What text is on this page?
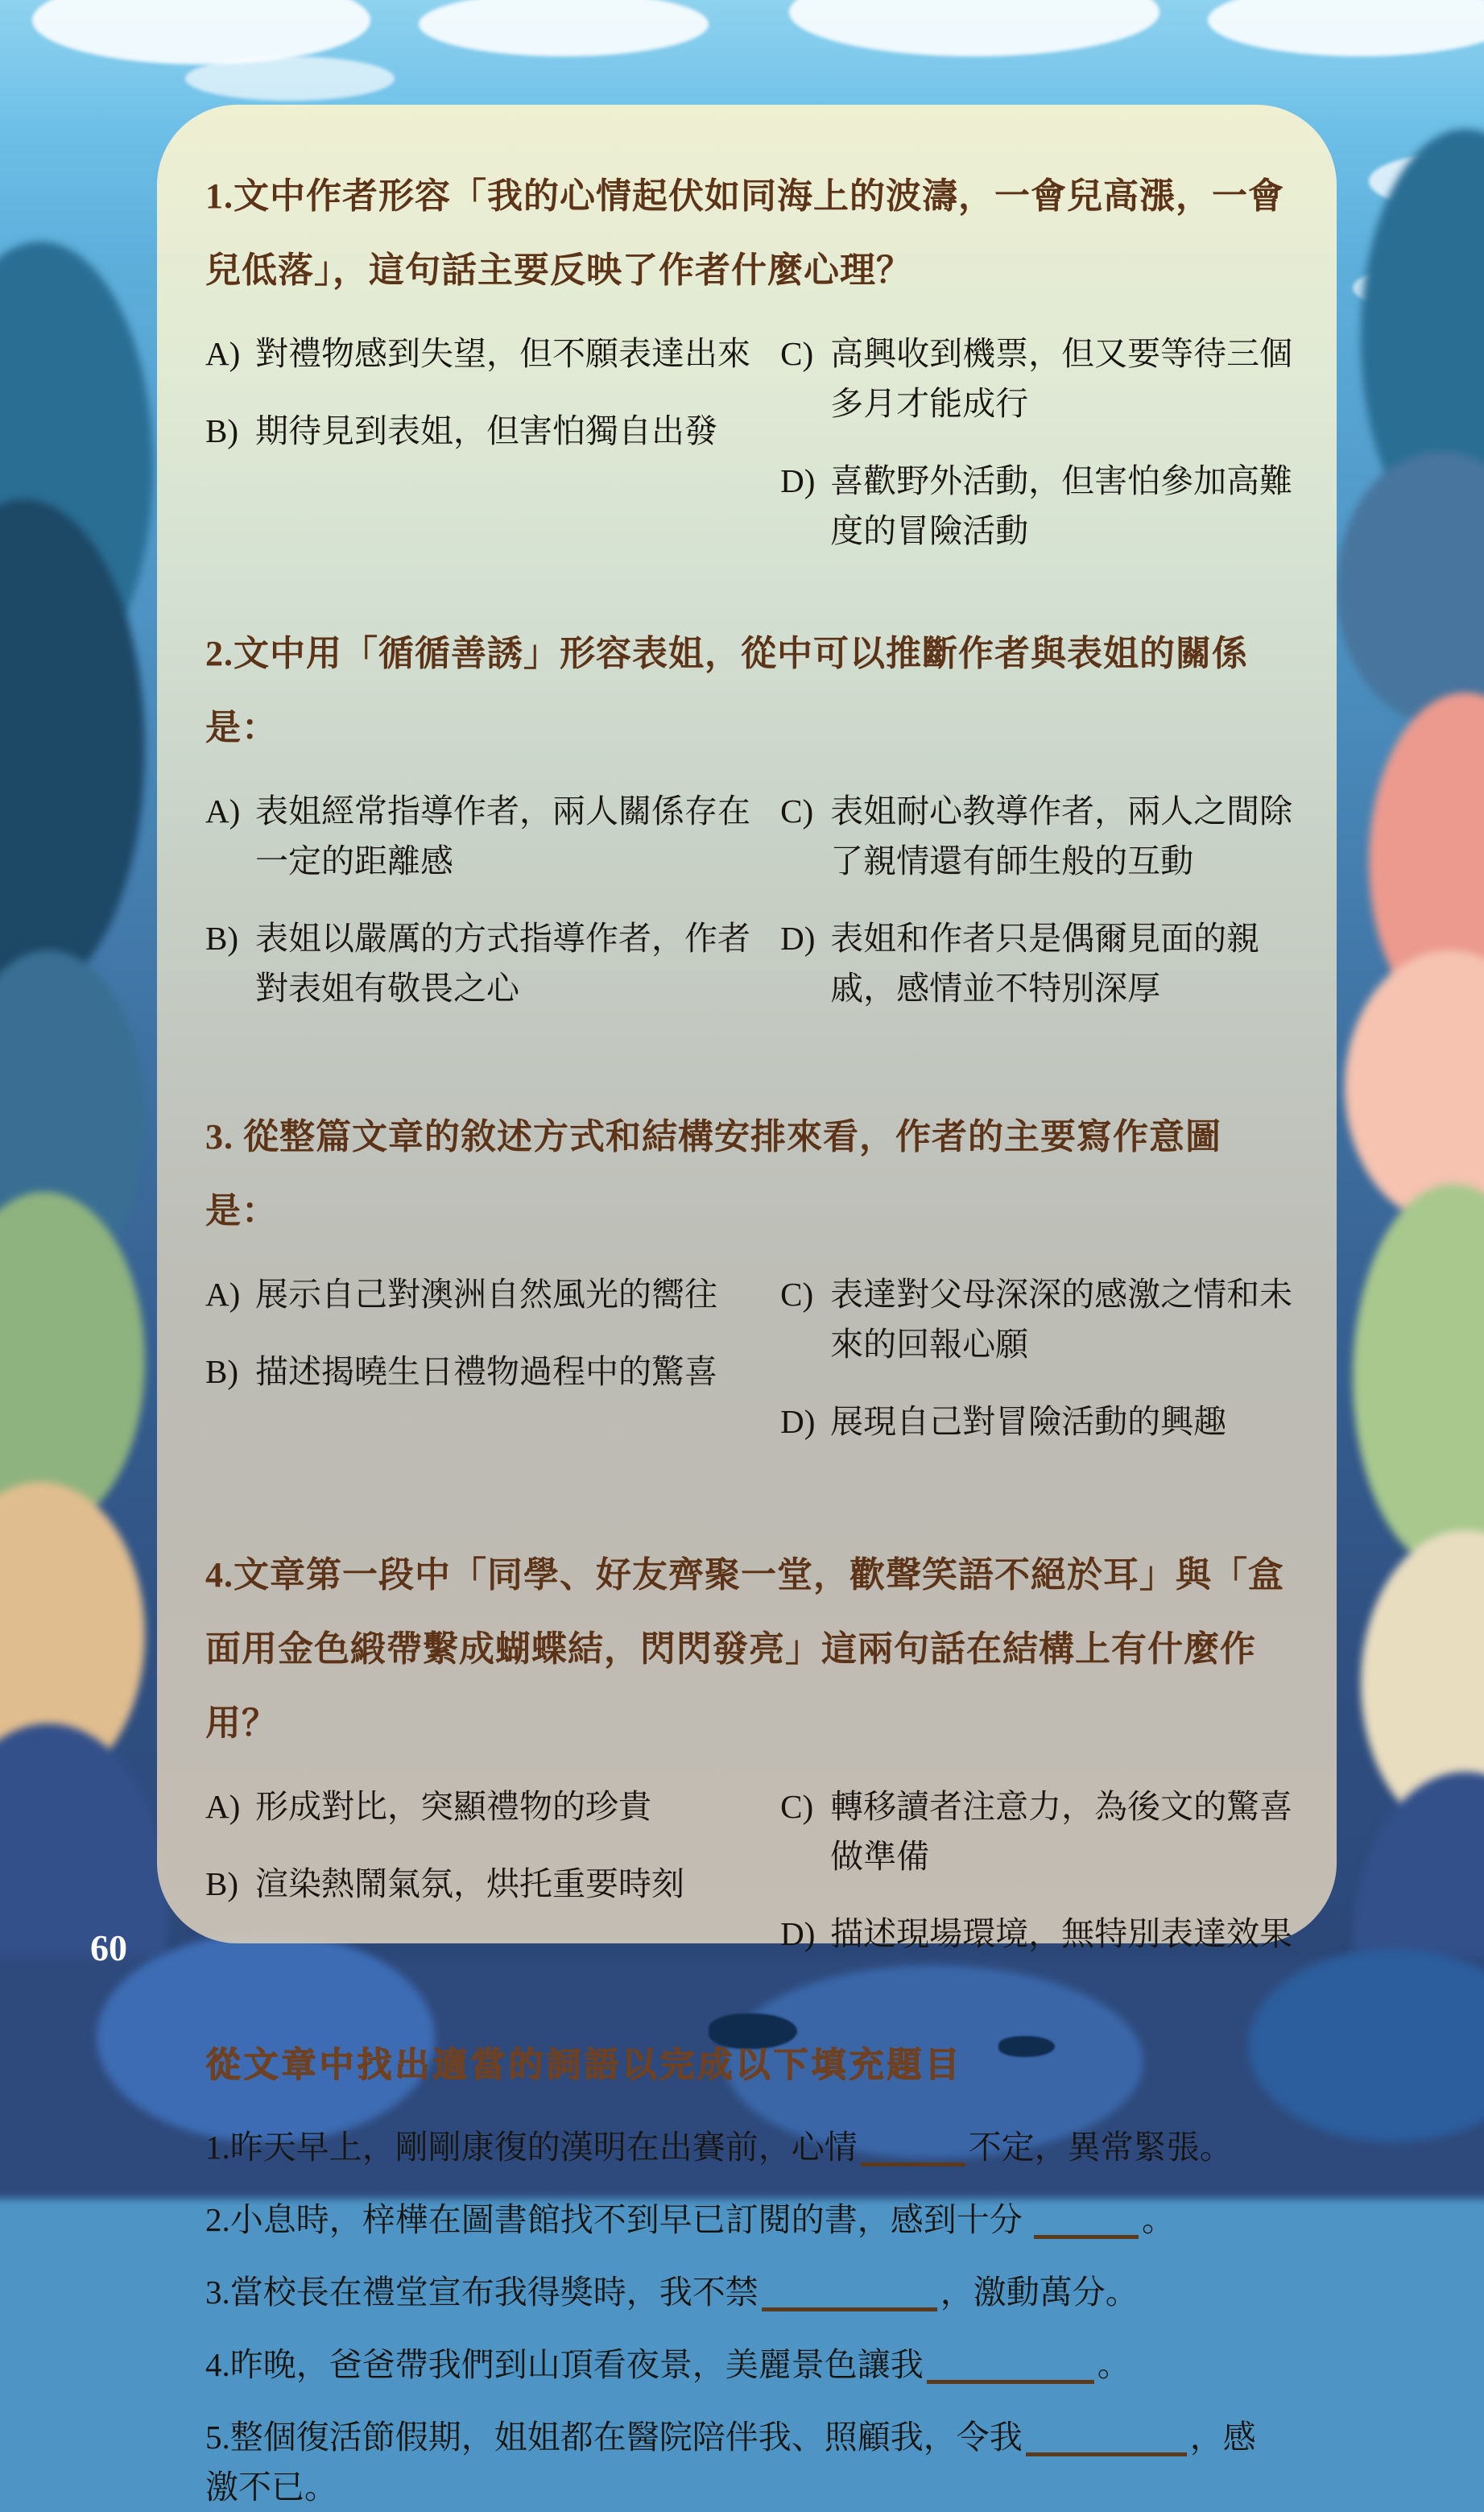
1.文中作者形容「我的心情起伏如同海上的波濤，一會兒高漲，一會兒低落」，這句話主要反映了作者什麼心理？

A) 對禮物感到失望，但不願表達出來
B) 期待見到表姐，但害怕獨自出發
C) 高興收到機票，但又要等待三個多月才能成行
D) 喜歡野外活動，但害怕參加高難度的冒險活動

2.文中用「循循善誘」形容表姐，從中可以推斷作者與表姐的關係是：

A) 表姐經常指導作者，兩人關係存在一定的距離感
B) 表姐以嚴厲的方式指導作者，作者對表姐有敬畏之心
C) 表姐耐心教導作者，兩人之間除了親情還有師生般的互動
D) 表姐和作者只是偶爾見面的親戚，感情並不特別深厚

3. 從整篇文章的敘述方式和結構安排來看，作者的主要寫作意圖是：

A) 展示自己對澳洲自然風光的嚮往
B) 描述揭曉生日禮物過程中的驚喜
C) 表達對父母深深的感激之情和未來的回報心願
D) 展現自己對冒險活動的興趣

4.文章第一段中「同學、好友齊聚一堂，歡聲笑語不絕於耳」與「盒面用金色緞帶繫成蝴蝶結，閃閃發亮」這兩句話在結構上有什麼作用？

A) 形成對比，突顯禮物的珍貴
B) 渲染熱鬧氣氛，烘托重要時刻
C) 轉移讀者注意力，為後文的驚喜做準備
D) 描述現場環境，無特別表達效果
從文章中找出適當的詞語以完成以下填充題目

1.昨天早上，剛剛康復的漢明在出賽前，心情	不定，異常緊張。

2.小息時，梓樺在圖書館找不到早已訂閱的書，感到十分	。

3.當校長在禮堂宣布我得獎時，我不禁	，激動萬分。

4.昨晚，爸爸帶我們到山頂看夜景，美麗景色讓我	。

5.整個復活節假期，姐姐都在醫院陪伴我、照顧我，令我	，感激不已。

60
